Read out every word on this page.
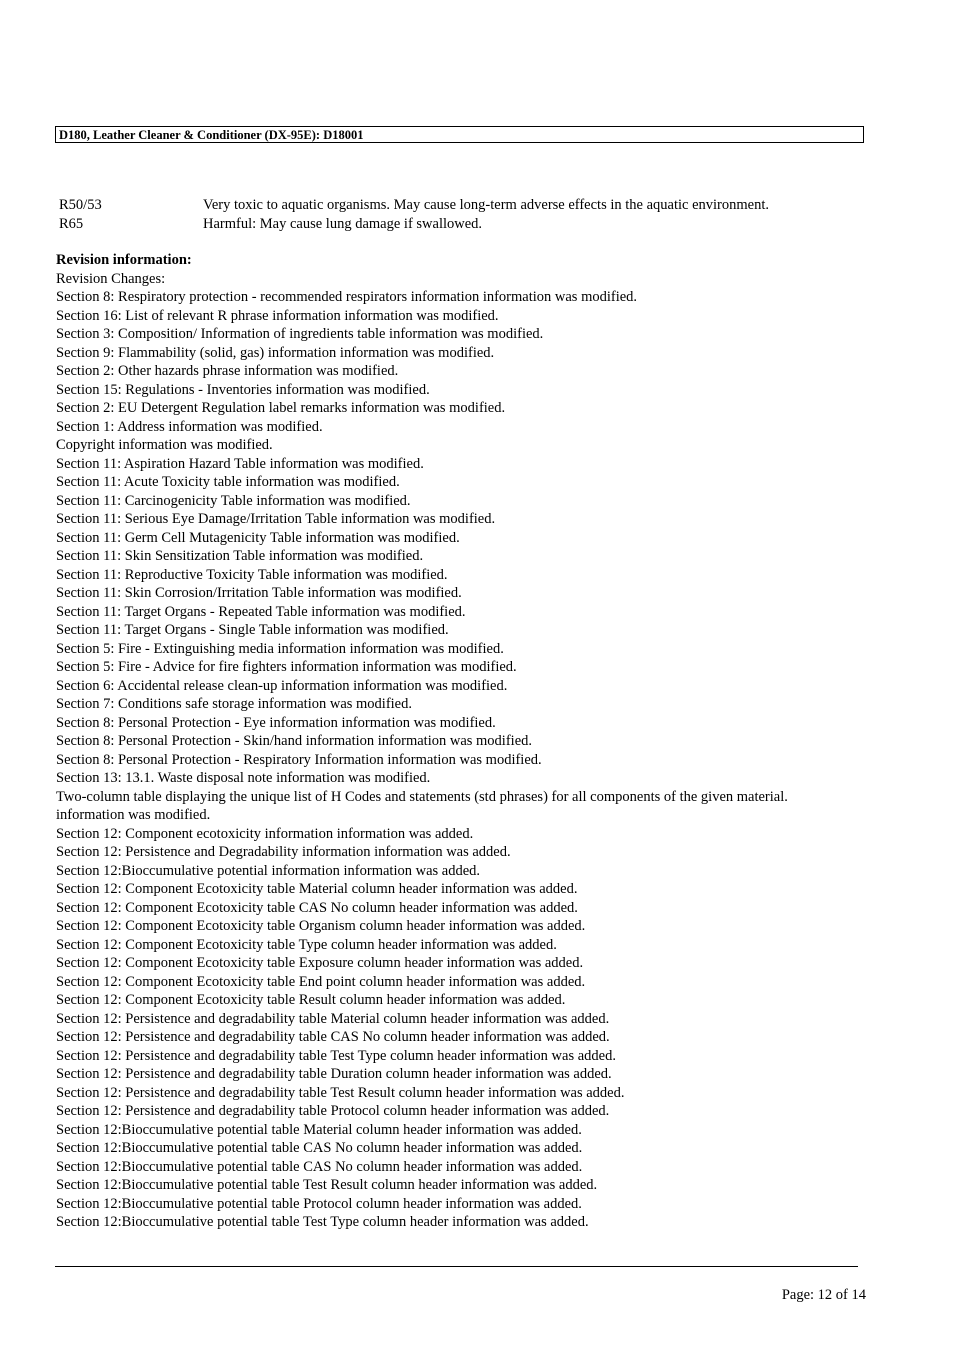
D180, Leather Cleaner & Conditioner (DX-95E): D18001
R50/53	Very toxic to aquatic organisms. May cause long-term adverse effects in the aquatic environment.
R65	Harmful: May cause lung damage if swallowed.
Revision information:
Revision Changes:
Section 8: Respiratory protection - recommended respirators information information was modified.
Section 16: List of relevant R phrase information information was modified.
Section 3: Composition/ Information of ingredients table information was modified.
Section 9: Flammability (solid, gas) information information was modified.
Section 2: Other hazards phrase information was modified.
Section 15: Regulations - Inventories information was modified.
Section 2: EU Detergent Regulation label remarks information was modified.
Section 1: Address information was modified.
Copyright information was modified.
Section 11: Aspiration Hazard Table information was modified.
Section 11: Acute Toxicity table information was modified.
Section 11: Carcinogenicity Table information was modified.
Section 11: Serious Eye Damage/Irritation Table information was modified.
Section 11: Germ Cell Mutagenicity Table information was modified.
Section 11: Skin Sensitization Table information was modified.
Section 11: Reproductive Toxicity Table information was modified.
Section 11: Skin Corrosion/Irritation Table information was modified.
Section 11: Target Organs - Repeated Table information was modified.
Section 11: Target Organs - Single Table information was modified.
Section 5: Fire - Extinguishing media information information was modified.
Section 5: Fire - Advice for fire fighters information information was modified.
Section 6: Accidental release clean-up information information was modified.
Section 7: Conditions safe storage information was modified.
Section 8: Personal Protection - Eye information information was modified.
Section 8: Personal Protection - Skin/hand information information was modified.
Section 8: Personal Protection - Respiratory Information information was modified.
Section 13: 13.1. Waste disposal note information was modified.
Two-column table displaying the unique list of H Codes and statements (std phrases) for all components of the given material. information was modified.
Section 12: Component ecotoxicity information information was added.
Section 12: Persistence and Degradability information information was added.
Section 12:Bioccumulative potential information information was added.
Section 12: Component Ecotoxicity table Material column header information was added.
Section 12: Component Ecotoxicity table CAS No column header information was added.
Section 12: Component Ecotoxicity table Organism column header information was added.
Section 12: Component Ecotoxicity table Type column header information was added.
Section 12: Component Ecotoxicity table Exposure column header information was added.
Section 12: Component Ecotoxicity table End point column header information was added.
Section 12: Component Ecotoxicity table Result column header information was added.
Section 12: Persistence and degradability table Material column header information was added.
Section 12: Persistence and degradability table CAS No column header information was added.
Section 12: Persistence and degradability table Test Type column header information was added.
Section 12: Persistence and degradability table Duration column header information was added.
Section 12: Persistence and degradability table Test Result column header information was added.
Section 12: Persistence and degradability table Protocol column header information was added.
Section 12:Bioccumulative potential table Material column header information was added.
Section 12:Bioccumulative potential table CAS No column header information was added.
Section 12:Bioccumulative potential table CAS No column header information was added.
Section 12:Bioccumulative potential table Test Result column header information was added.
Section 12:Bioccumulative potential table Protocol column header information was added.
Section 12:Bioccumulative potential table Test Type column header information was added.
Page: 12 of 14
